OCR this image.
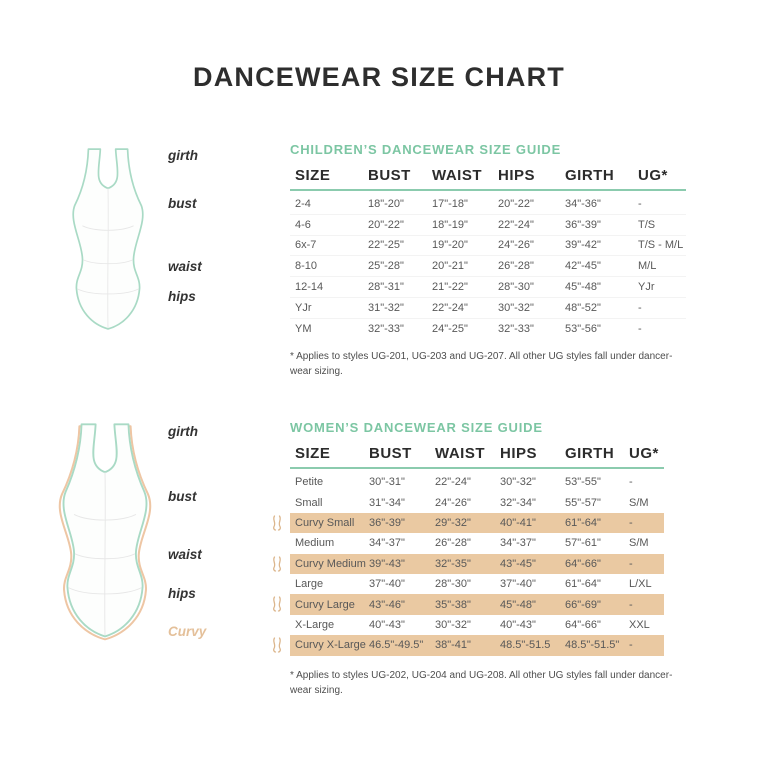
DANCEWEAR SIZE CHART
girth
bust
waist
hips
CHILDREN’S DANCEWEAR SIZE GUIDE
SIZE	BUST	WAIST	HIPS	GIRTH	UG*
2-4	18"-20"	17"-18"	20"-22"	34"-36"	-
4-6	20"-22"	18"-19"	22"-24"	36"-39"	T/S
6x-7	22"-25"	19"-20"	24"-26"	39"-42"	T/S - M/L
8-10	25"-28"	20"-21"	26"-28"	42"-45"	M/L
12-14	28"-31"	21"-22"	28"-30"	45"-48"	YJr
YJr	31"-32"	22"-24"	30"-32"	48"-52"	-
YM	32"-33"	24"-25"	32"-33"	53"-56"	-
* Applies to styles UG-201, UG-203 and UG-207. All other UG styles fall under dancer-wear sizing.
girth
bust
waist
hips
Curvy
WOMEN’S DANCEWEAR SIZE GUIDE
SIZE	BUST	WAIST	HIPS	GIRTH UG*
Petite	30"-31"	22"-24"	30"-32"	53"-55"	-
Small	31"-34"	24"-26"	32"-34"	55"-57"	S/M
Curvy Small	36"-39"	29"-32"	40"-41"	61"-64"	-
Medium	34"-37"	26"-28"	34"-37"	57"-61"	S/M
Curvy Medium 39"-43"	32"-35"	43"-45"	64"-66"	-
Large	37"-40"	28"-30"	37"-40"	61"-64"	L/XL
Curvy Large	43"-46"	35"-38"	45"-48"	66"-69"	-
X-Large	40"-43"	30"-32"	40"-43"	64"-66"	XXL
Curvy X-Large 46.5"-49.5"	38"-41"	48.5"-51.5	48.5"-51.5" -
* Applies to styles UG-202, UG-204 and UG-208. All other UG styles fall under dancer-wear sizing.
